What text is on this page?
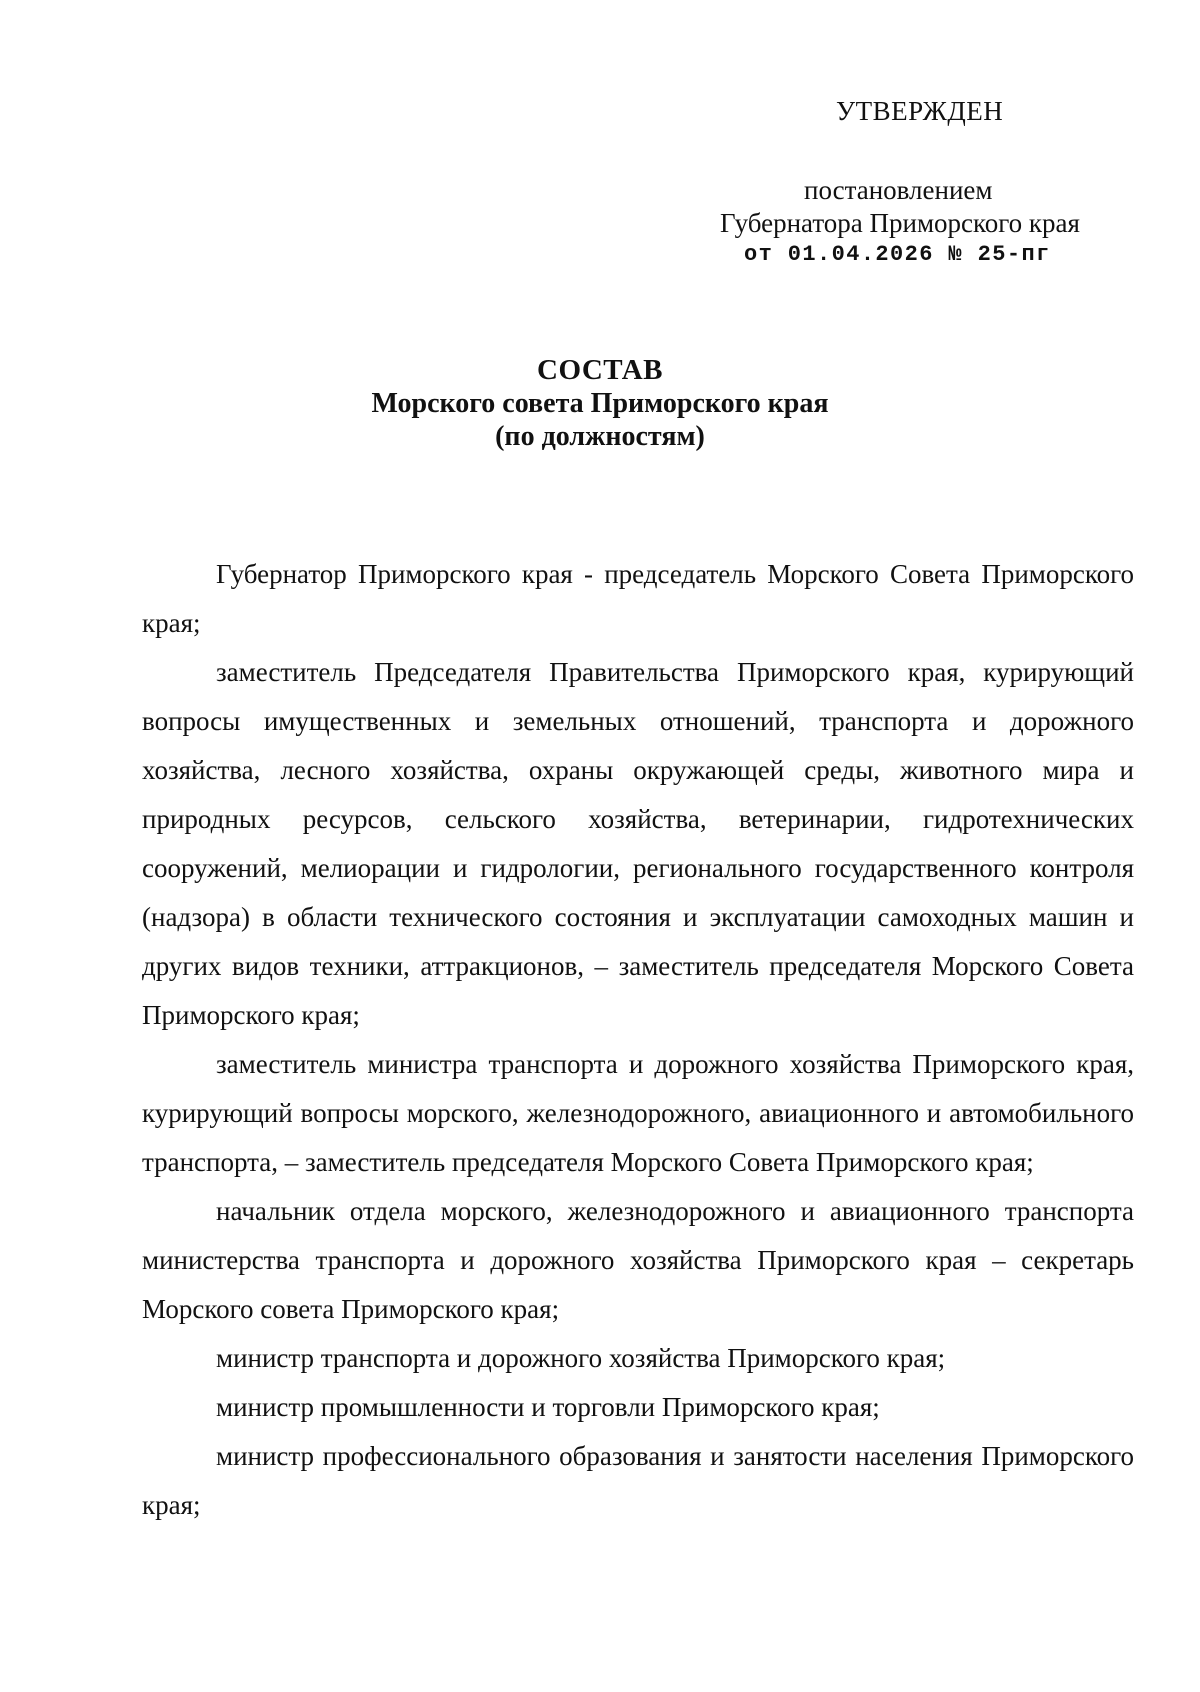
УТВЕРЖДЕН
постановлением
Губернатора Приморского края
от 01.04.2026 № 25-пг
СОСТАВ
Морского совета Приморского края
(по должностям)

Губернатор Приморского края - председатель Морского Совета Приморского края;

заместитель Председателя Правительства Приморского края, курирующий вопросы имущественных и земельных отношений, транспорта и дорожного хозяйства, лесного хозяйства, охраны окружающей среды, животного мира и природных ресурсов, сельского хозяйства, ветеринарии, гидротехнических сооружений, мелиорации и гидрологии, регионального государственного контроля (надзора) в области технического состояния и эксплуатации самоходных машин и других видов техники, аттракционов, – заместитель председателя Морского Совета Приморского края;

заместитель министра транспорта и дорожного хозяйства Приморского края, курирующий вопросы морского, железнодорожного, авиационного и автомобильного транспорта, – заместитель председателя Морского Совета Приморского края;

начальник отдела морского, железнодорожного и авиационного транспорта министерства транспорта и дорожного хозяйства Приморского края – секретарь Морского совета Приморского края;

министр транспорта и дорожного хозяйства Приморского края;

министр промышленности и торговли Приморского края;

министр профессионального образования и занятости населения Приморского края;
